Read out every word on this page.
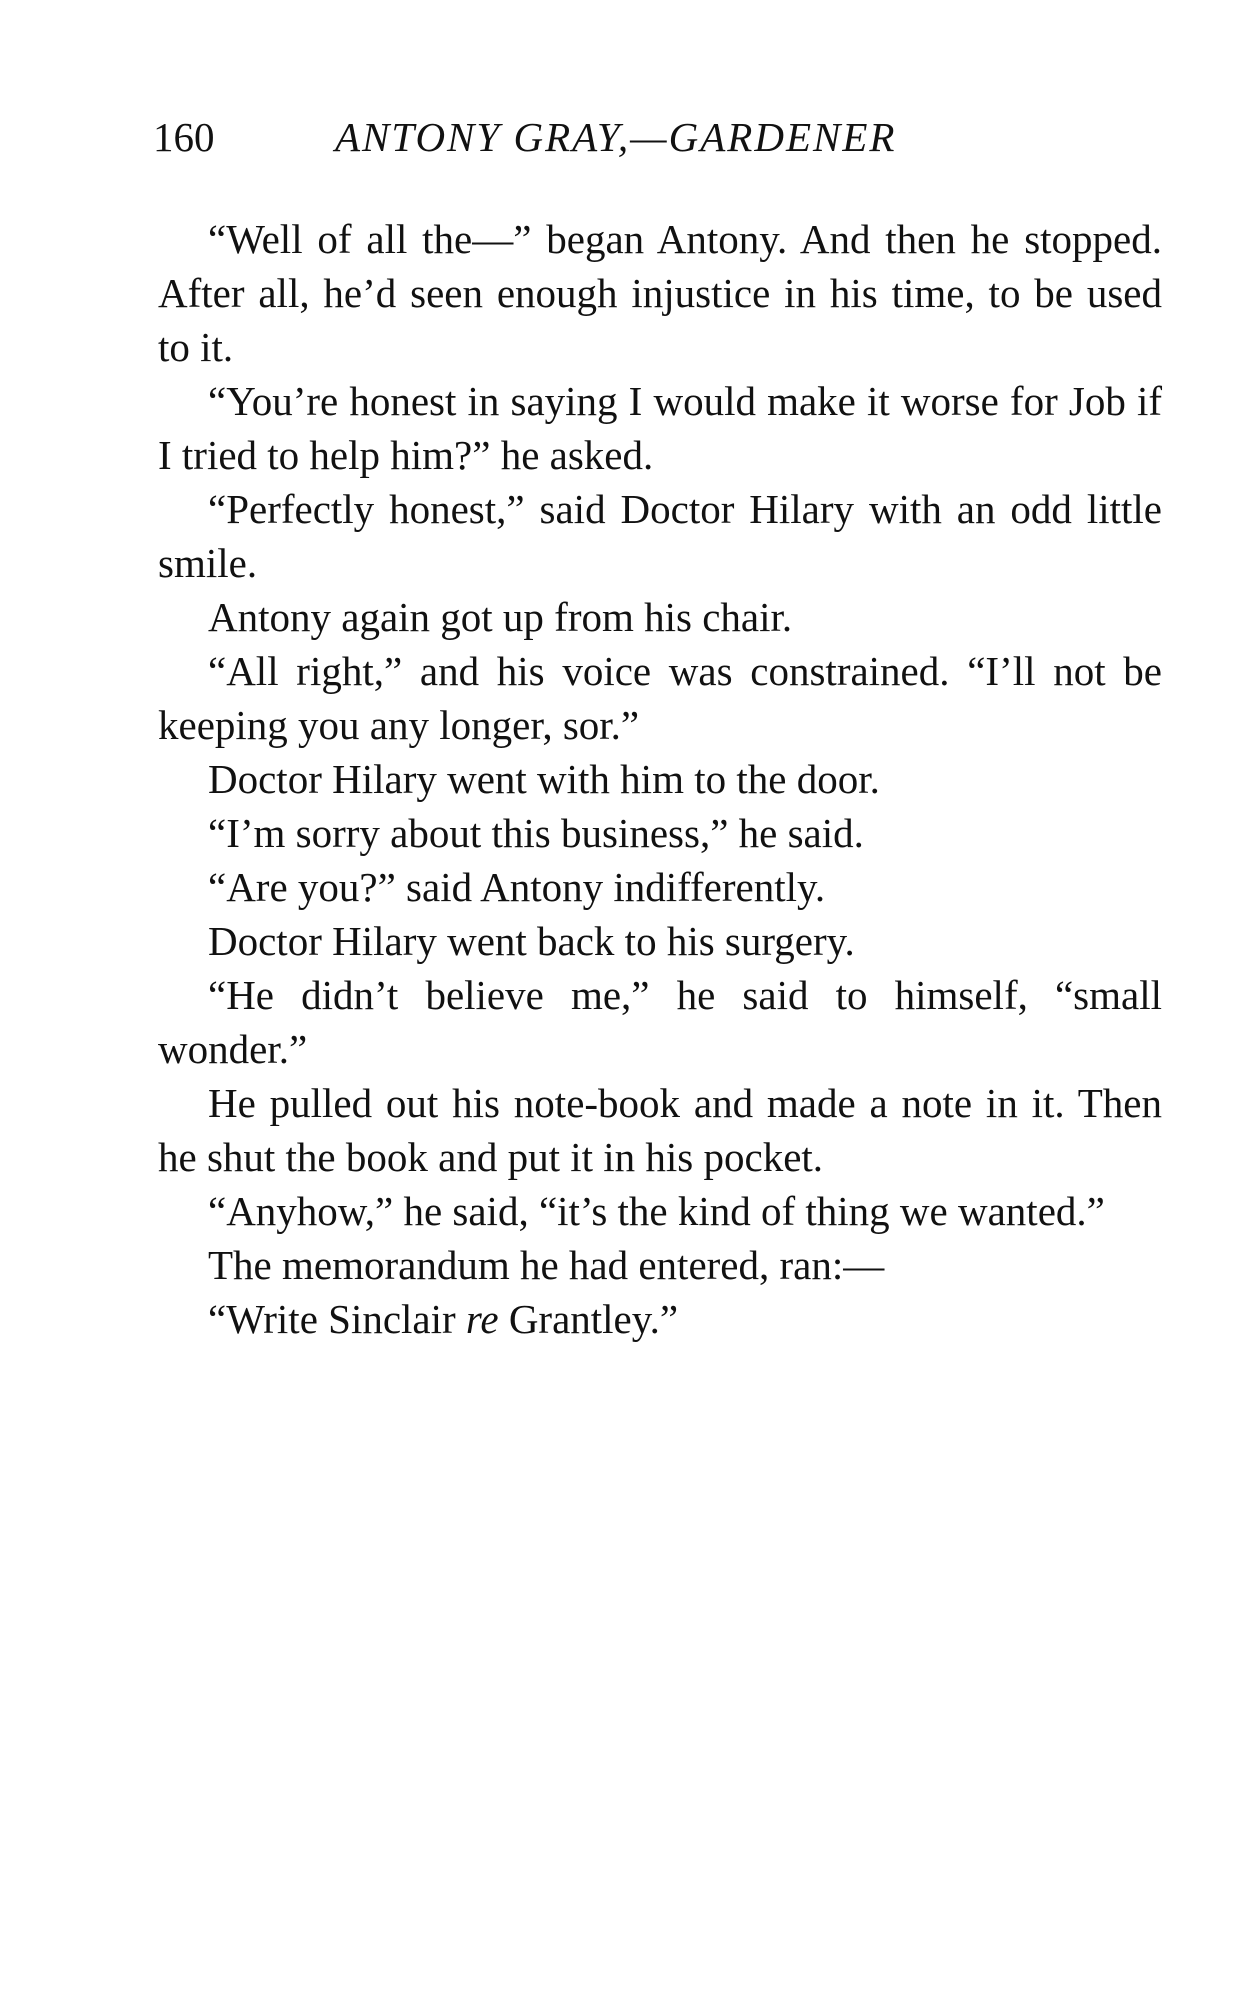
160	ANTONY GRAY,—GARDENER

“Well of all the—” began Antony. And then he stopped. After all, he’d seen enough injustice in his time, to be used to it.

“You’re honest in saying I would make it worse for Job if I tried to help him?” he asked.

“Perfectly honest,” said Doctor Hilary with an odd little smile.

Antony again got up from his chair.

“All right,” and his voice was constrained. “I’ll not be keeping you any longer, sor.”

Doctor Hilary went with him to the door.

“I’m sorry about this business,” he said.

“Are you?” said Antony indifferently.

Doctor Hilary went back to his surgery.

“He didn’t believe me,” he said to himself, “small wonder.”

He pulled out his note-book and made a note in it. Then he shut the book and put it in his pocket.

“Anyhow,” he said, “it’s the kind of thing we wanted.”

The memorandum he had entered, ran:—

“Write Sinclair re Grantley.”
